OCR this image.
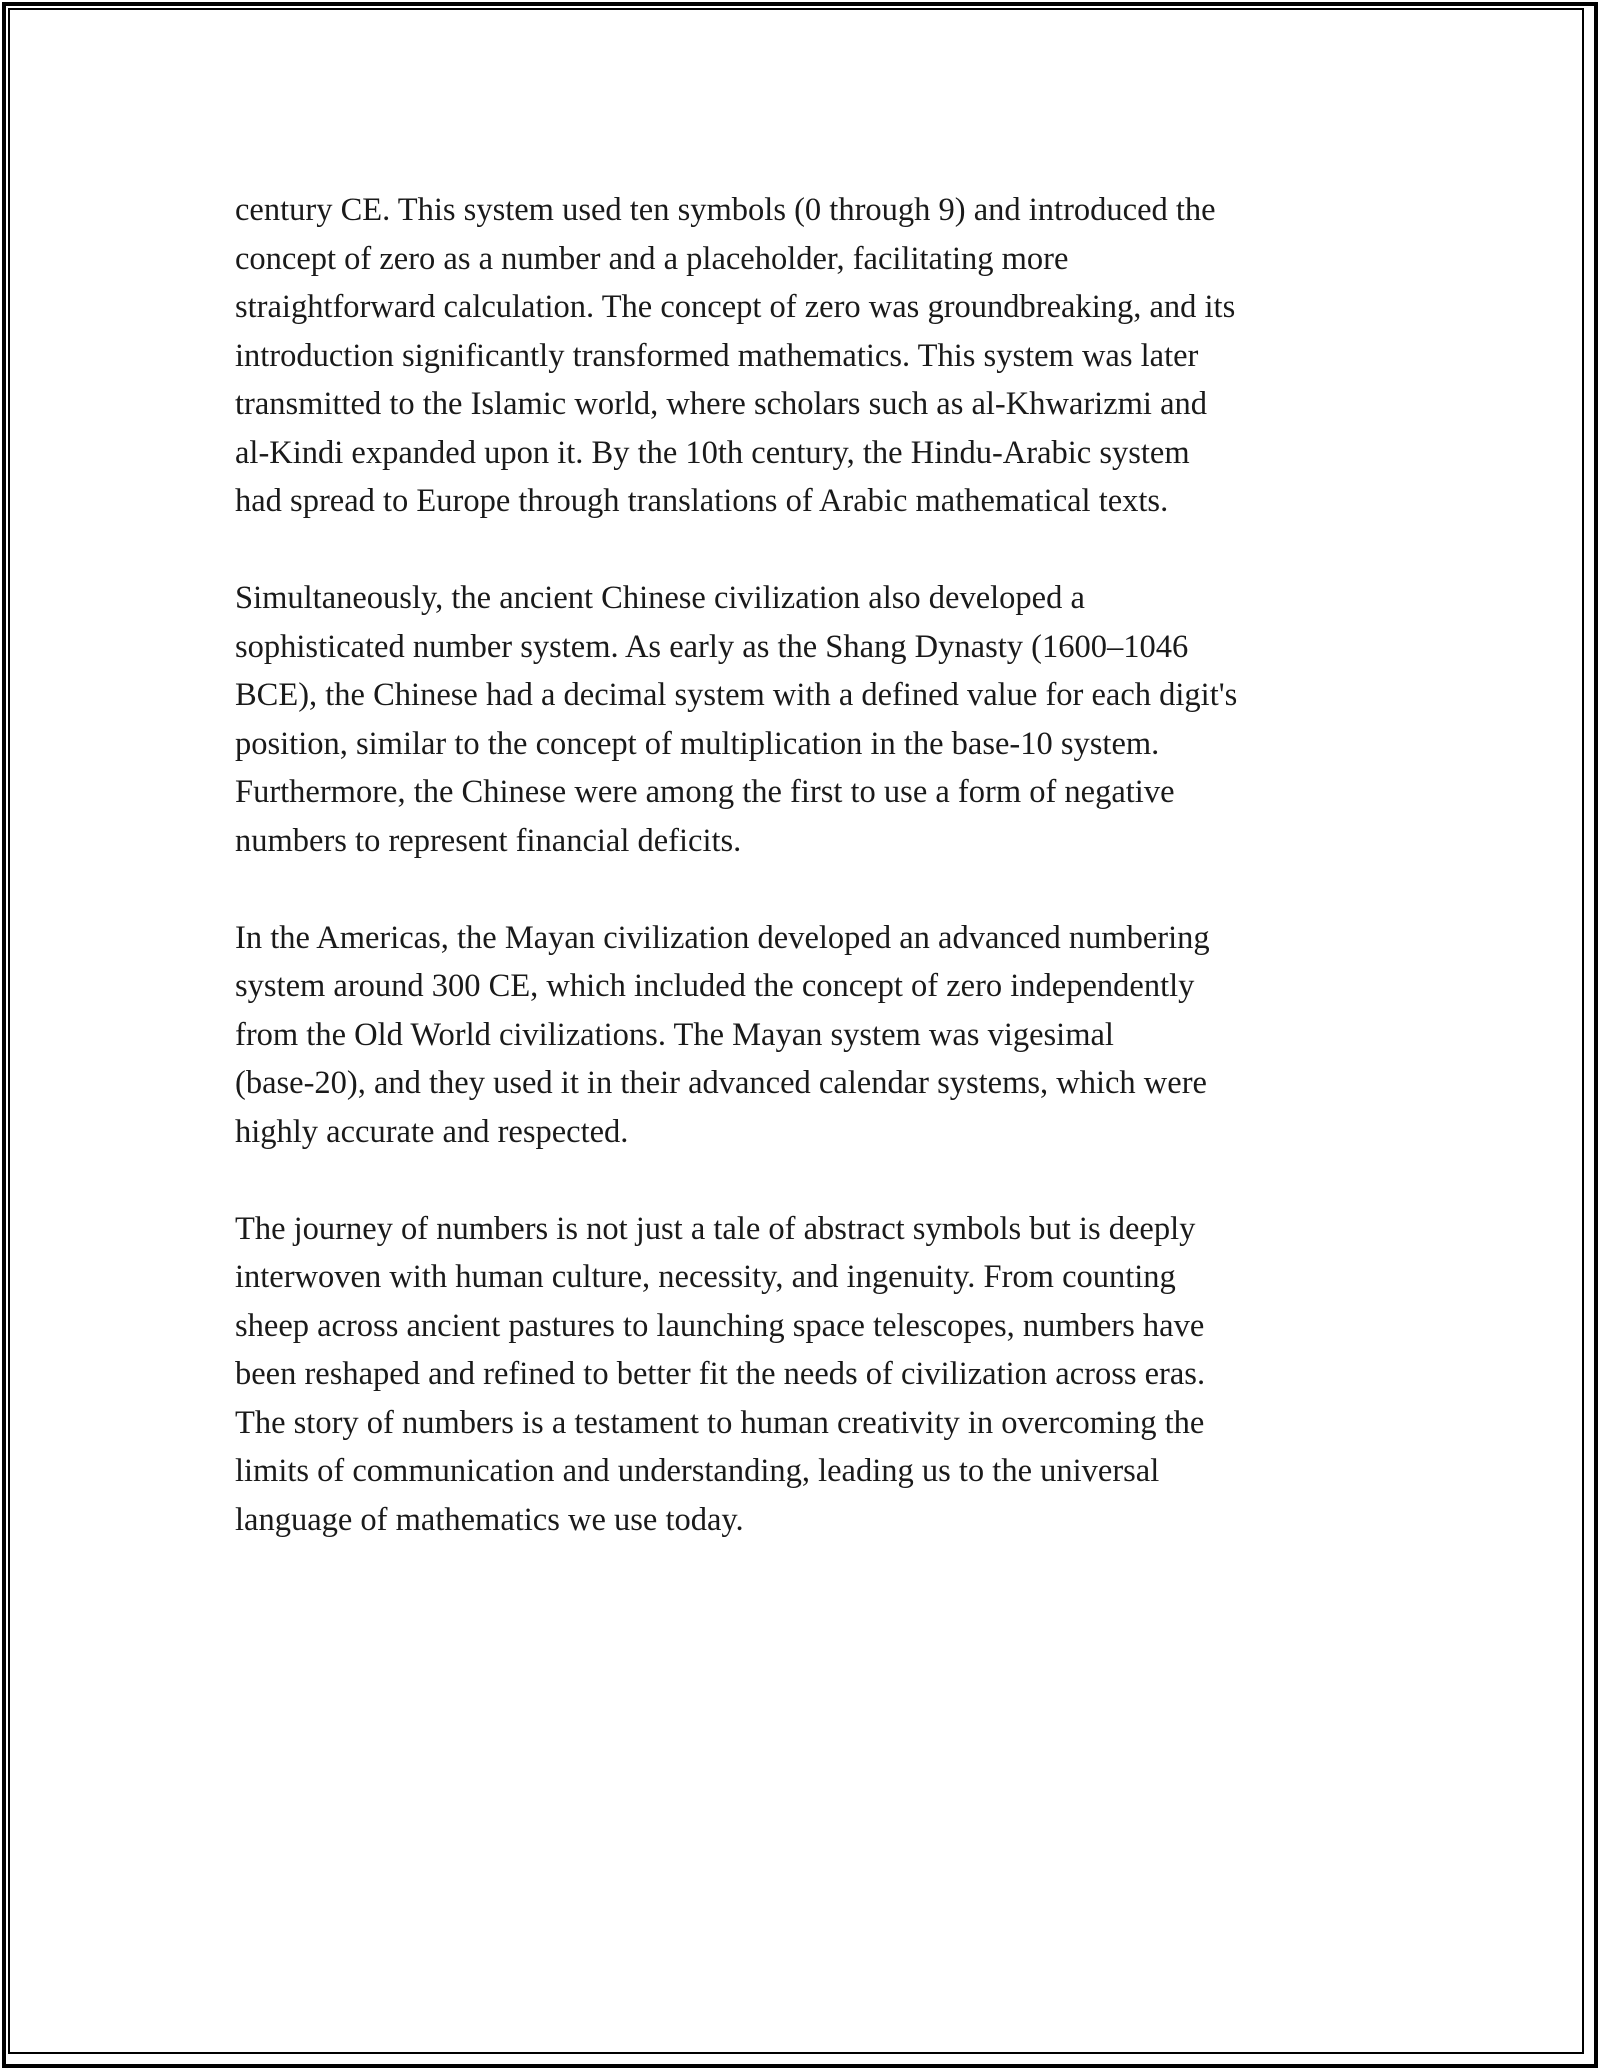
century CE. This system used ten symbols (0 through 9) and introduced the
concept of zero as a number and a placeholder, facilitating more
straightforward calculation. The concept of zero was groundbreaking, and its
introduction significantly transformed mathematics. This system was later
transmitted to the Islamic world, where scholars such as al-Khwarizmi and
al-Kindi expanded upon it. By the 10th century, the Hindu-Arabic system
had spread to Europe through translations of Arabic mathematical texts.

Simultaneously, the ancient Chinese civilization also developed a
sophisticated number system. As early as the Shang Dynasty (1600–1046
BCE), the Chinese had a decimal system with a defined value for each digit's
position, similar to the concept of multiplication in the base-10 system.
Furthermore, the Chinese were among the first to use a form of negative
numbers to represent financial deficits.

In the Americas, the Mayan civilization developed an advanced numbering
system around 300 CE, which included the concept of zero independently
from the Old World civilizations. The Mayan system was vigesimal
(base-20), and they used it in their advanced calendar systems, which were
highly accurate and respected.

The journey of numbers is not just a tale of abstract symbols but is deeply
interwoven with human culture, necessity, and ingenuity. From counting
sheep across ancient pastures to launching space telescopes, numbers have
been reshaped and refined to better fit the needs of civilization across eras.
The story of numbers is a testament to human creativity in overcoming the
limits of communication and understanding, leading us to the universal
language of mathematics we use today.
